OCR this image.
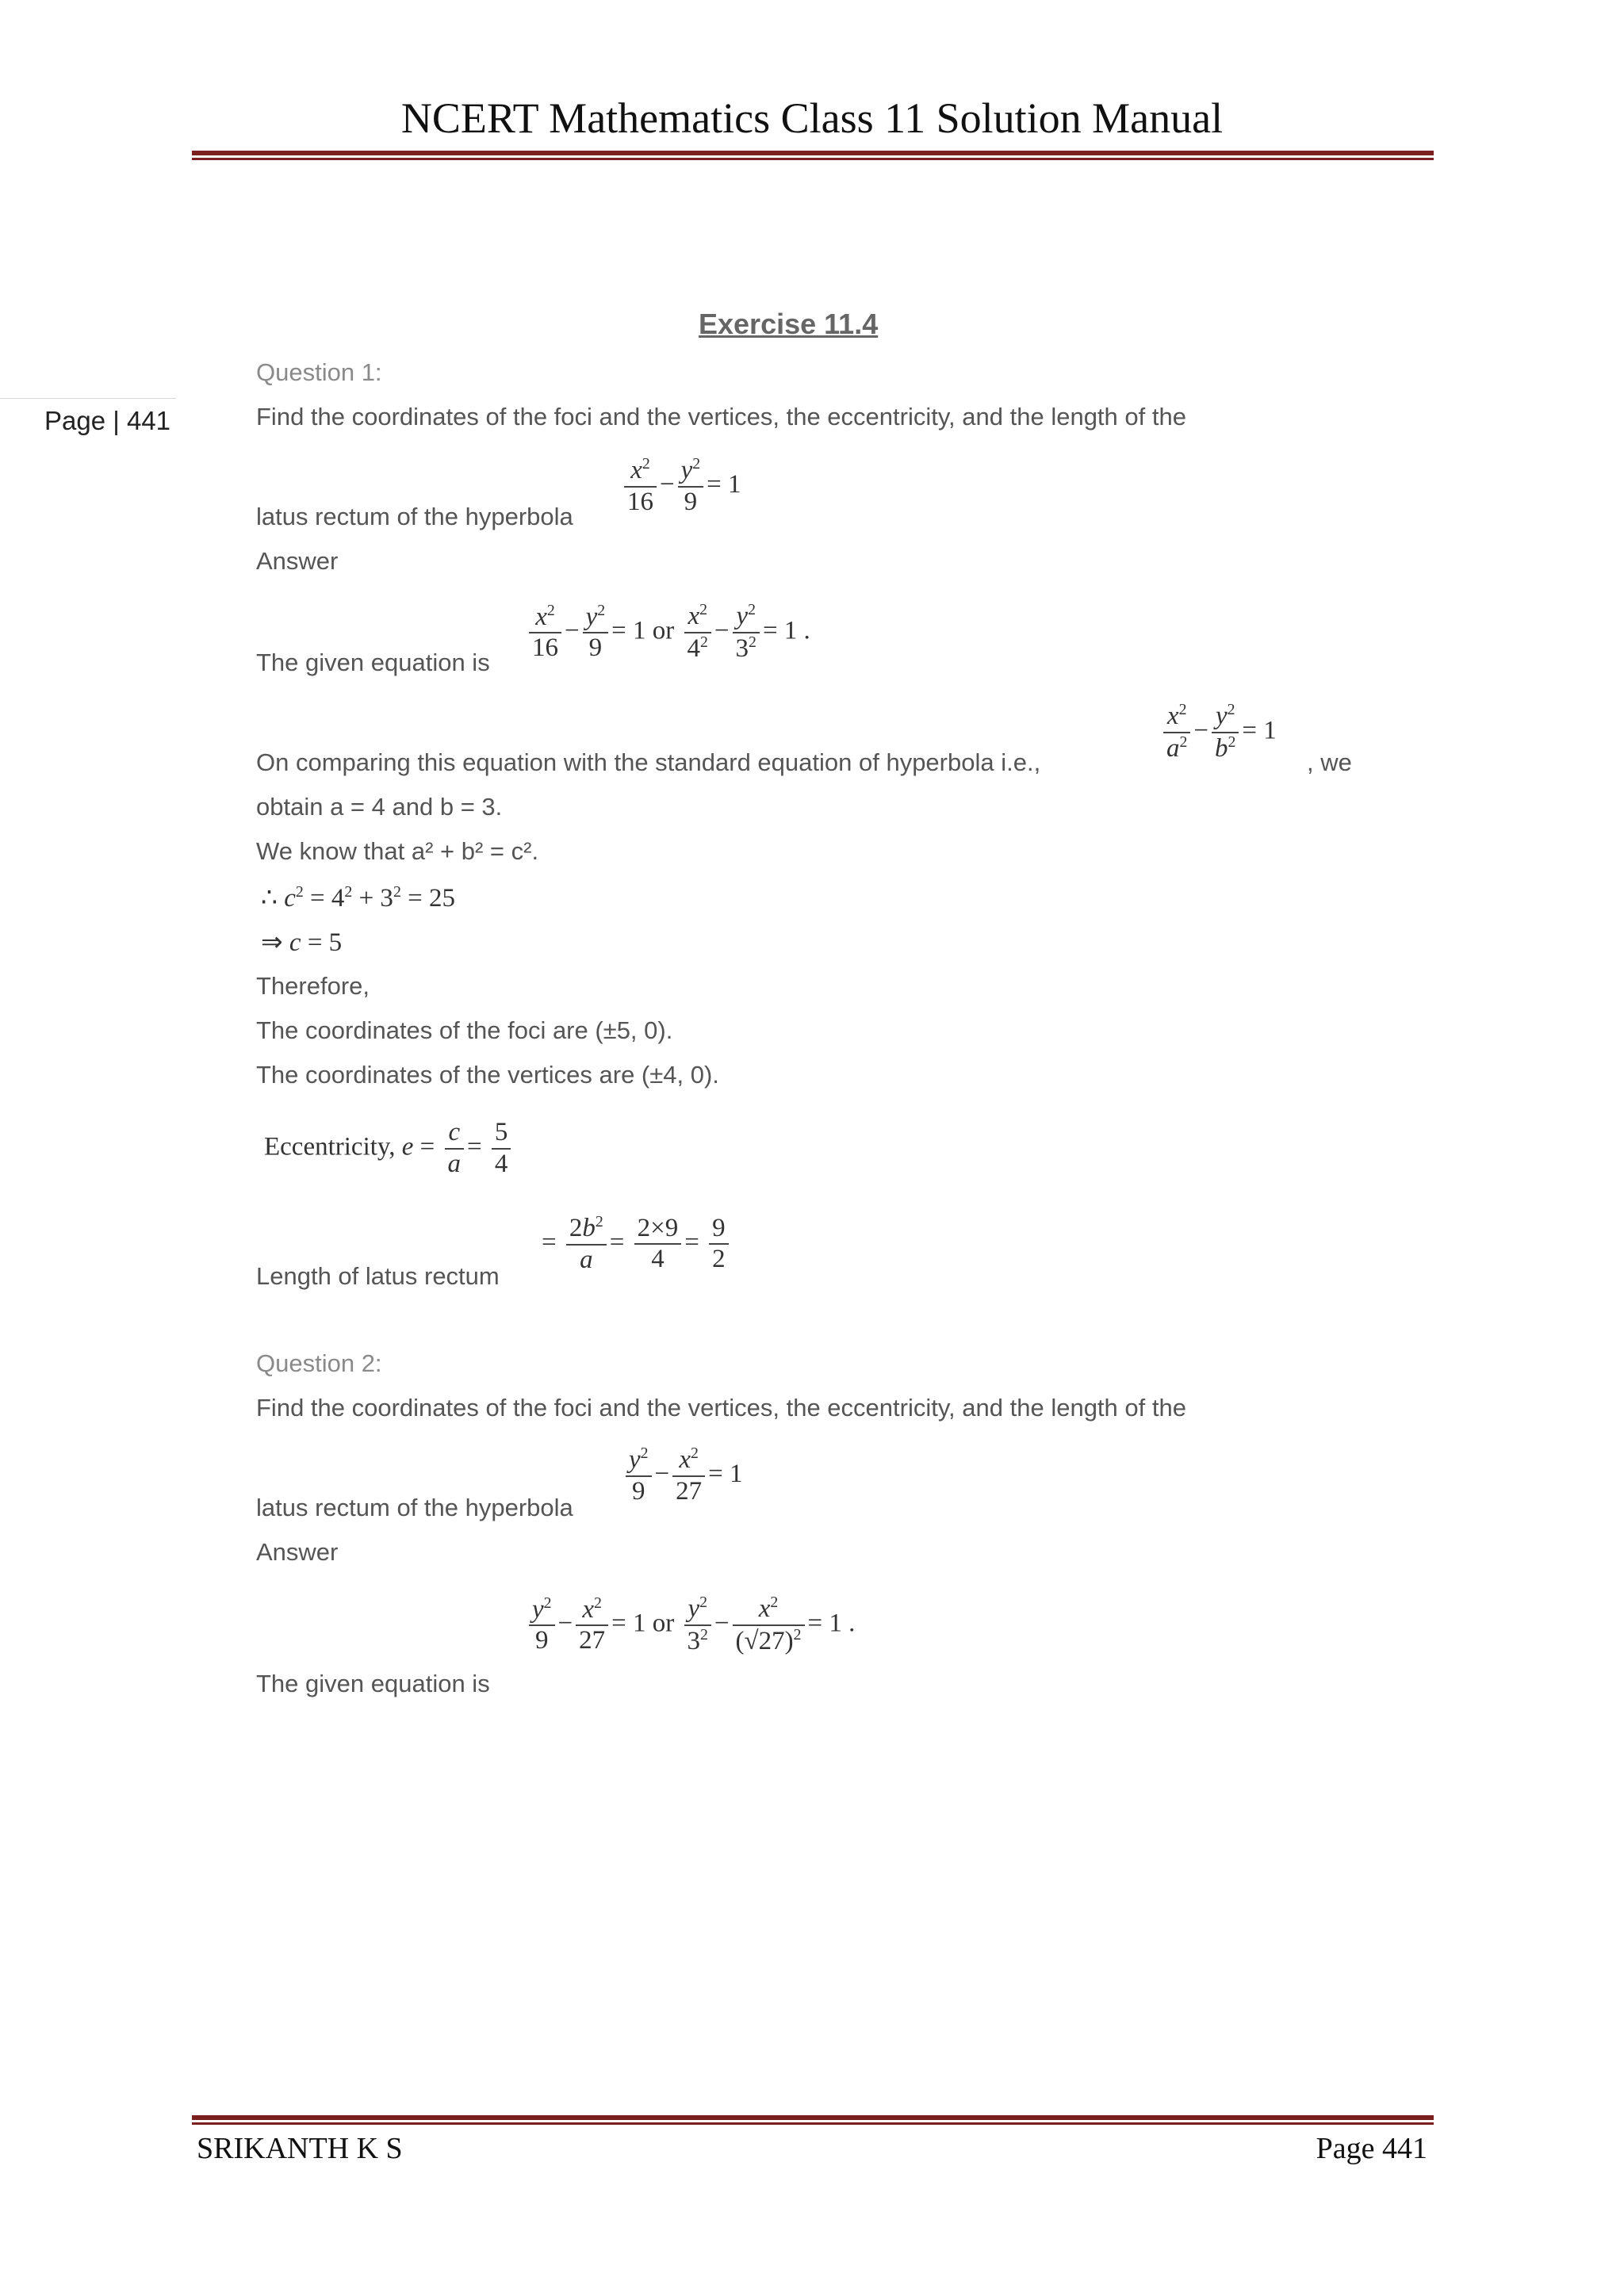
NCERT Mathematics Class 11 Solution Manual
Page | 441
Exercise 11.4
Question 1:
Find the coordinates of the foci and the vertices, the eccentricity, and the length of the
latus rectum of the hyperbola $\frac{x^2}{16} - \frac{y^2}{9} = 1$
Answer
The given equation is $\frac{x^2}{16} - \frac{y^2}{9} = 1$ or $\frac{x^2}{4^2} - \frac{y^2}{3^2} = 1$ .
On comparing this equation with the standard equation of hyperbola i.e.,	$\frac{x^2}{a^2} - \frac{y^2}{b^2} = 1$
, we
obtain a = 4 and b = 3.
We know that a² + b² = c².
∴ $c^2 = 4^2 + 3^2 = 25$
⇒ c = 5
Therefore,
The coordinates of the foci are (±5, 0).
The coordinates of the vertices are (±4, 0).
Eccentricity, $e = \frac{c}{a} = \frac{5}{4}$
Length of latus rectum
= $\frac{2b^2}{a} = \frac{2\times 9}{4} = \frac{9}{2}$
Question 2:
Find the coordinates of the foci and the vertices, the eccentricity, and the length of the
latus rectum of the hyperbola
$\frac{y^2}{9} - \frac{x^2}{27} = 1$
Answer
$\frac{y^2}{9} - \frac{x^2}{27} = 1$ or $\frac{y^2}{3^2} - \frac{x^2}{(√27)^2} = 1$ .
The given equation is
SRIKANTH K S	Page 441
